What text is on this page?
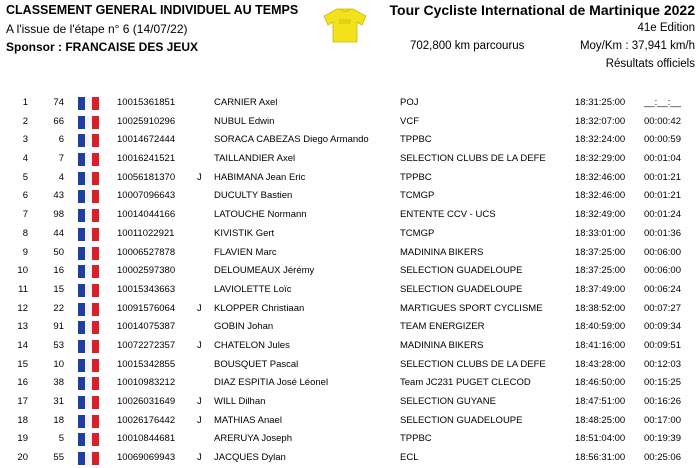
CLASSEMENT GENERAL INDIVIDUEL AU TEMPS
A l'issue de l'étape n° 6 (14/07/22)
Sponsor : FRANCAISE DES JEUX
Tour Cycliste International de Martinique 2022
41e Edition
702,800 km parcourus	Moy/Km : 37,941 km/h
Résultats officiels
1	74	10015361851	CARNIER Axel	POJ	18:31:25:00 __:__:__
2	66	10025910296	NUBUL Edwin	VCF	18:32:07:00 00:00:42
3	6	10014672444	SORACA CABEZAS Diego Armando	TPPBC	18:32:24:00 00:00:59
4	7	10016241521	TAILLANDIER Axel	SELECTION CLUBS DE LA DEFE	18:32:29:00 00:01:04
5	4	10056181370 J HABIMANA Jean Eric	TPPBC	18:32:46:00 00:01:21
6	43	10007096643	DUCULTY Bastien	TCMGP	18:32:46:00 00:01:21
7	98	10014044166	LATOUCHE Normann	ENTENTE CCV - UCS	18:32:49:00 00:01:24
8	44	10011022921	KIVISTIK Gert	TCMGP	18:33:01:00 00:01:36
9	50	10006527878	FLAVIEN Marc	MADININA BIKERS	18:37:25:00 00:06:00
10	16	10002597380	DELOUMEAUX Jérémy	SELECTION GUADELOUPE	18:37:25:00 00:06:00
11	15	10015343663	LAVIOLETTE Loïc	SELECTION GUADELOUPE	18:37:49:00 00:06:24
12	22	10091576064 J KLOPPER Christiaan	MARTIGUES SPORT CYCLISME	18:38:52:00 00:07:27
13	91	10014075387	GOBIN Johan	TEAM ENERGIZER	18:40:59:00 00:09:34
14	53	10072272357 J CHATELON Jules	MADININA BIKERS	18:41:16:00 00:09:51
15	10	10015342855	BOUSQUET Pascal	SELECTION CLUBS DE LA DEFE	18:43:28:00 00:12:03
16	38	10010983212	DIAZ ESPITIA José Léonel	Team JC231 PUGET CLECOD	18:46:50:00 00:15:25
17	31	10026031649 J WILL Dilhan	SELECTION GUYANE	18:47:51:00 00:16:26
18	18	10026176442 J MATHIAS Anael	SELECTION GUADELOUPE	18:48:25:00 00:17:00
19	5	10010844681	ARERUYA Joseph	TPPBC	18:51:04:00 00:19:39
20	55	10069069943 J JACQUES Dylan	ECL	18:56:31:00 00:25:06
